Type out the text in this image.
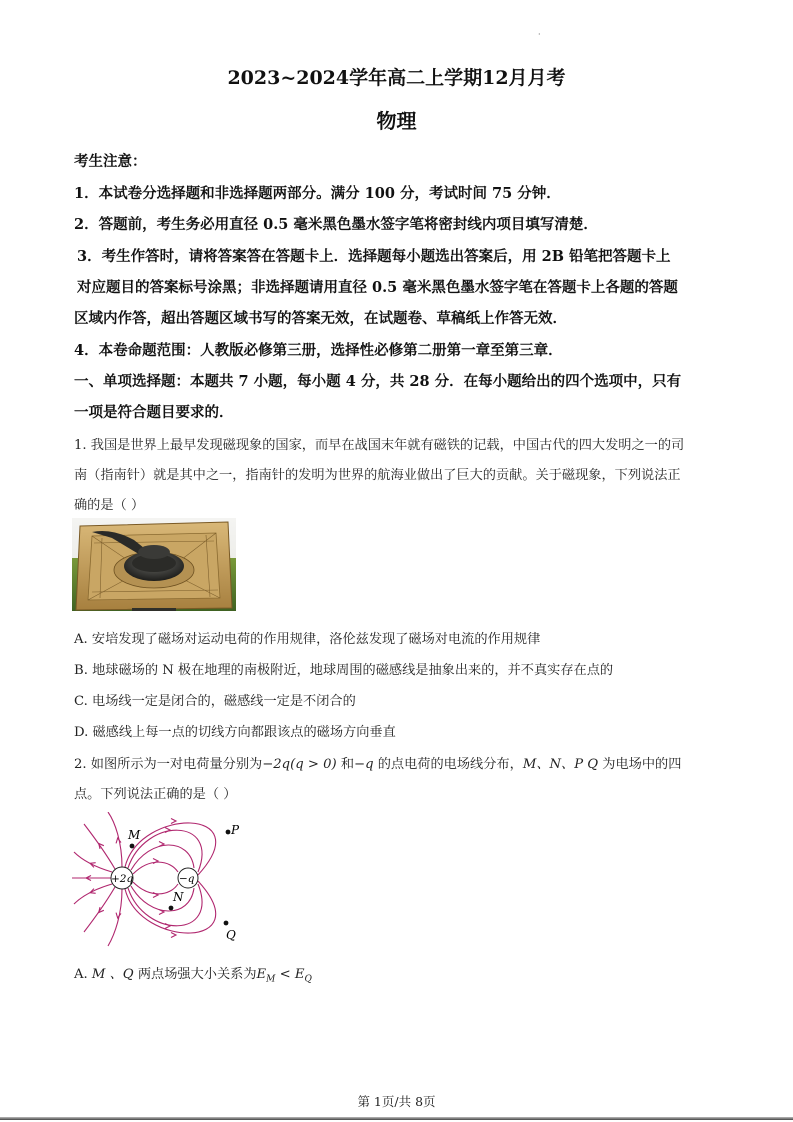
·
2023~2024学年高二上学期12月月考
物理
考生注意：
1．本试卷分选择题和非选择题两部分。满分 100 分，考试时间 75 分钟．
2．答题前，考生务必用直径 0.5 毫米黑色墨水签字笔将密封线内项目填写清楚．
3．考生作答时，请将答案答在答题卡上．选择题每小题选出答案后，用 2B 铅笔把答题卡上
对应题目的答案标号涂黑；非选择题请用直径 0.5 毫米黑色墨水签字笔在答题卡上各题的答题
区域内作答，超出答题区域书写的答案无效，在试题卷、草稿纸上作答无效．
4．本卷命题范围：人教版必修第三册，选择性必修第二册第一章至第三章．
一、单项选择题：本题共 7 小题，每小题 4 分，共 28 分．在每小题给出的四个选项中，只有
一项是符合题目要求的．
1. 我国是世界上最早发现磁现象的国家，而早在战国末年就有磁铁的记载，中国古代的四大发明之一的司
南（指南针）就是其中之一，指南针的发明为世界的航海业做出了巨大的贡献。关于磁现象，下列说法正
确的是（ ）
A. 安培发现了磁场对运动电荷的作用规律，洛伦兹发现了磁场对电流的作用规律
B. 地球磁场的 N 极在地理的南极附近，地球周围的磁感线是抽象出来的，并不真实存在点的
C. 电场线一定是闭合的，磁感线一定是不闭合的
D. 磁感线上每一点的切线方向都跟该点的磁场方向垂直
2. 如图所示为一对电荷量分别为−2q(q > 0) 和−q 的点电荷的电场线分布，M、N、P Q 为电场中的四
点。下列说法正确的是（ ）
+2q	−q
M	P
N
Q
A. M 、Q 两点场强大小关系为$E_M < E_Q$
第 1页/共 8页
